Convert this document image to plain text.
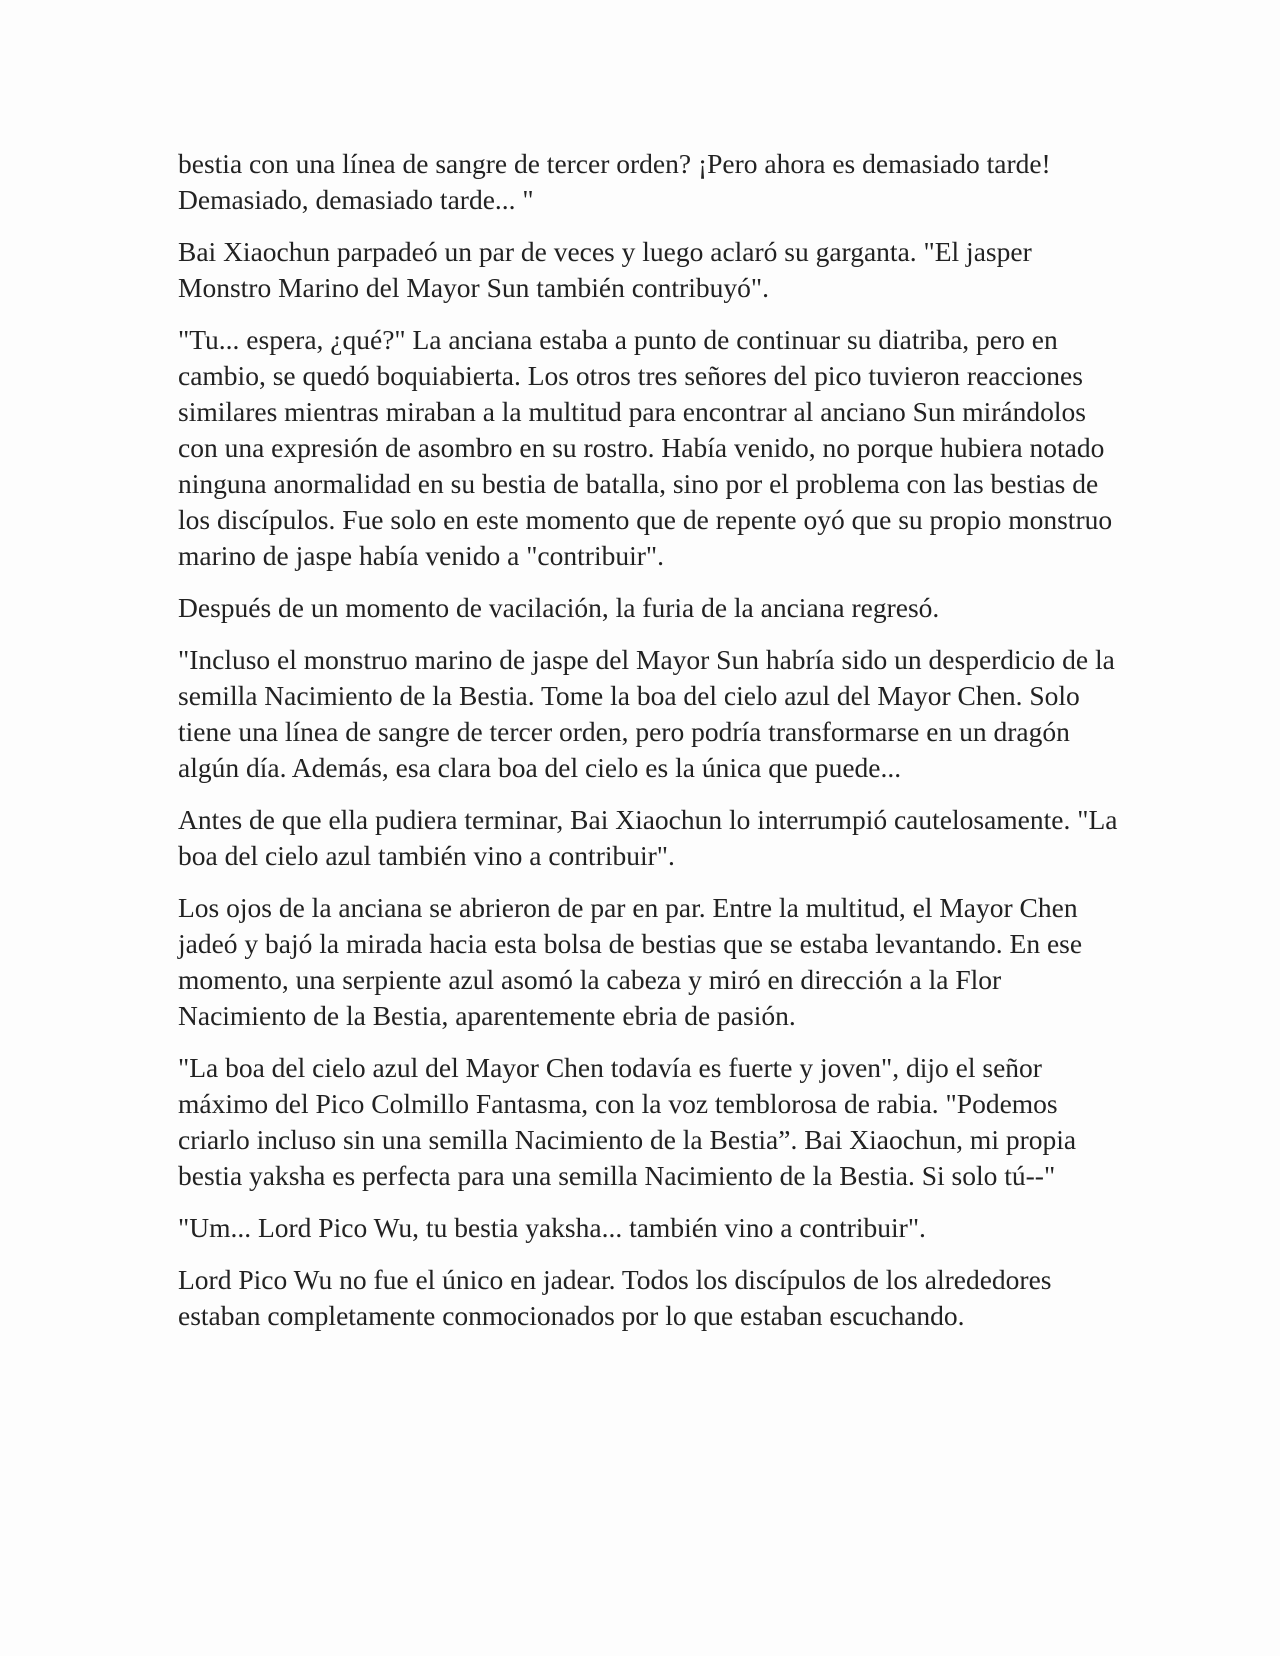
bestia con una línea de sangre de tercer orden? ¡Pero ahora es demasiado tarde! Demasiado, demasiado tarde... "

Bai Xiaochun parpadeó un par de veces y luego aclaró su garganta. "El jasper Monstro Marino del Mayor Sun también contribuyó".

"Tu... espera, ¿qué?" La anciana estaba a punto de continuar su diatriba, pero en cambio, se quedó boquiabierta. Los otros tres señores del pico tuvieron reacciones similares mientras miraban a la multitud para encontrar al anciano Sun mirándolos con una expresión de asombro en su rostro. Había venido, no porque hubiera notado ninguna anormalidad en su bestia de batalla, sino por el problema con las bestias de los discípulos. Fue solo en este momento que de repente oyó que su propio monstruo marino de jaspe había venido a "contribuir".

Después de un momento de vacilación, la furia de la anciana regresó.

"Incluso el monstruo marino de jaspe del Mayor Sun habría sido un desperdicio de la semilla Nacimiento de la Bestia. Tome la boa del cielo azul del Mayor Chen. Solo tiene una línea de sangre de tercer orden, pero podría transformarse en un dragón algún día. Además, esa clara boa del cielo es la única que puede...

Antes de que ella pudiera terminar, Bai Xiaochun lo interrumpió cautelosamente. "La boa del cielo azul también vino a contribuir".

Los ojos de la anciana se abrieron de par en par. Entre la multitud, el Mayor Chen jadeó y bajó la mirada hacia esta bolsa de bestias que se estaba levantando. En ese momento, una serpiente azul asomó la cabeza y miró en dirección a la Flor Nacimiento de la Bestia, aparentemente ebria de pasión.

"La boa del cielo azul del Mayor Chen todavía es fuerte y joven", dijo el señor máximo del Pico Colmillo Fantasma, con la voz temblorosa de rabia. "Podemos criarlo incluso sin una semilla Nacimiento de la Bestia”. Bai Xiaochun, mi propia bestia yaksha es perfecta para una semilla Nacimiento de la Bestia. Si solo tú--"

"Um... Lord Pico Wu, tu bestia yaksha... también vino a contribuir".

Lord Pico Wu no fue el único en jadear. Todos los discípulos de los alrededores estaban completamente conmocionados por lo que estaban escuchando.
